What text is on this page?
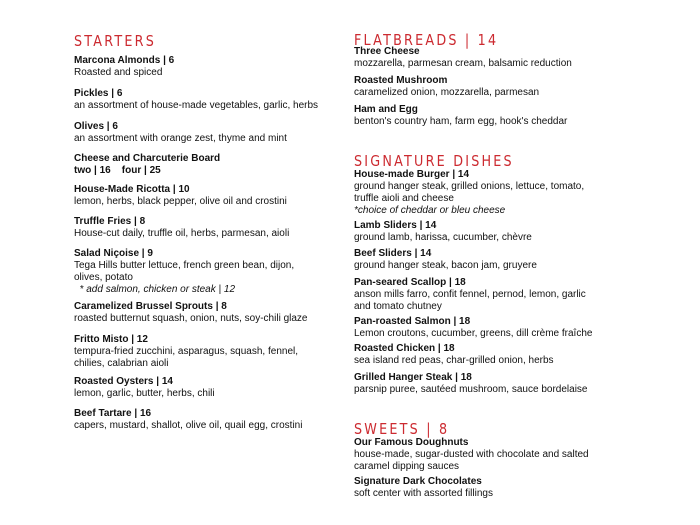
STARTERS
Marcona Almonds | 6
Roasted and spiced
Pickles | 6
an assortment of house-made vegetables, garlic, herbs
Olives | 6
an assortment with orange zest, thyme and mint
Cheese and Charcuterie Board
two | 16    four | 25
House-Made Ricotta | 10
lemon, herbs, black pepper, olive oil and crostini
Truffle Fries | 8
House-cut daily, truffle oil, herbs, parmesan, aioli
Salad Niçoise | 9
Tega Hills butter lettuce, french green bean, dijon,
olives, potato
* add salmon, chicken or steak | 12
Caramelized Brussel Sprouts | 8
roasted butternut squash, onion, nuts, soy-chili glaze
Fritto Misto | 12
tempura-fried zucchini, asparagus, squash, fennel,
chilies, calabrian aioli
Roasted Oysters | 14
lemon, garlic, butter, herbs, chili
Beef Tartare | 16
capers, mustard, shallot, olive oil, quail egg, crostini
FLATBREADS | 14
Three Cheese
mozzarella, parmesan cream, balsamic reduction
Roasted Mushroom
caramelized onion, mozzarella, parmesan
Ham and Egg
benton's country ham, farm egg, hook's cheddar
SIGNATURE DISHES
House-made Burger | 14
ground hanger steak, grilled onions, lettuce, tomato,
truffle aioli and cheese
*choice of cheddar or bleu cheese
Lamb Sliders | 14
ground lamb, harissa, cucumber, chèvre
Beef Sliders | 14
ground hanger steak, bacon jam, gruyere
Pan-seared Scallop | 18
anson mills farro, confit fennel, pernod, lemon, garlic
and tomato chutney
Pan-roasted Salmon | 18
Lemon croutons, cucumber, greens, dill crème fraîche
Roasted Chicken | 18
sea island red peas, char-grilled onion, herbs
Grilled Hanger Steak | 18
parsnip puree, sautéed mushroom, sauce bordelaise
SWEETS | 8
Our Famous Doughnuts
house-made, sugar-dusted with chocolate and salted
caramel dipping sauces
Signature Dark Chocolates
soft center with assorted fillings
